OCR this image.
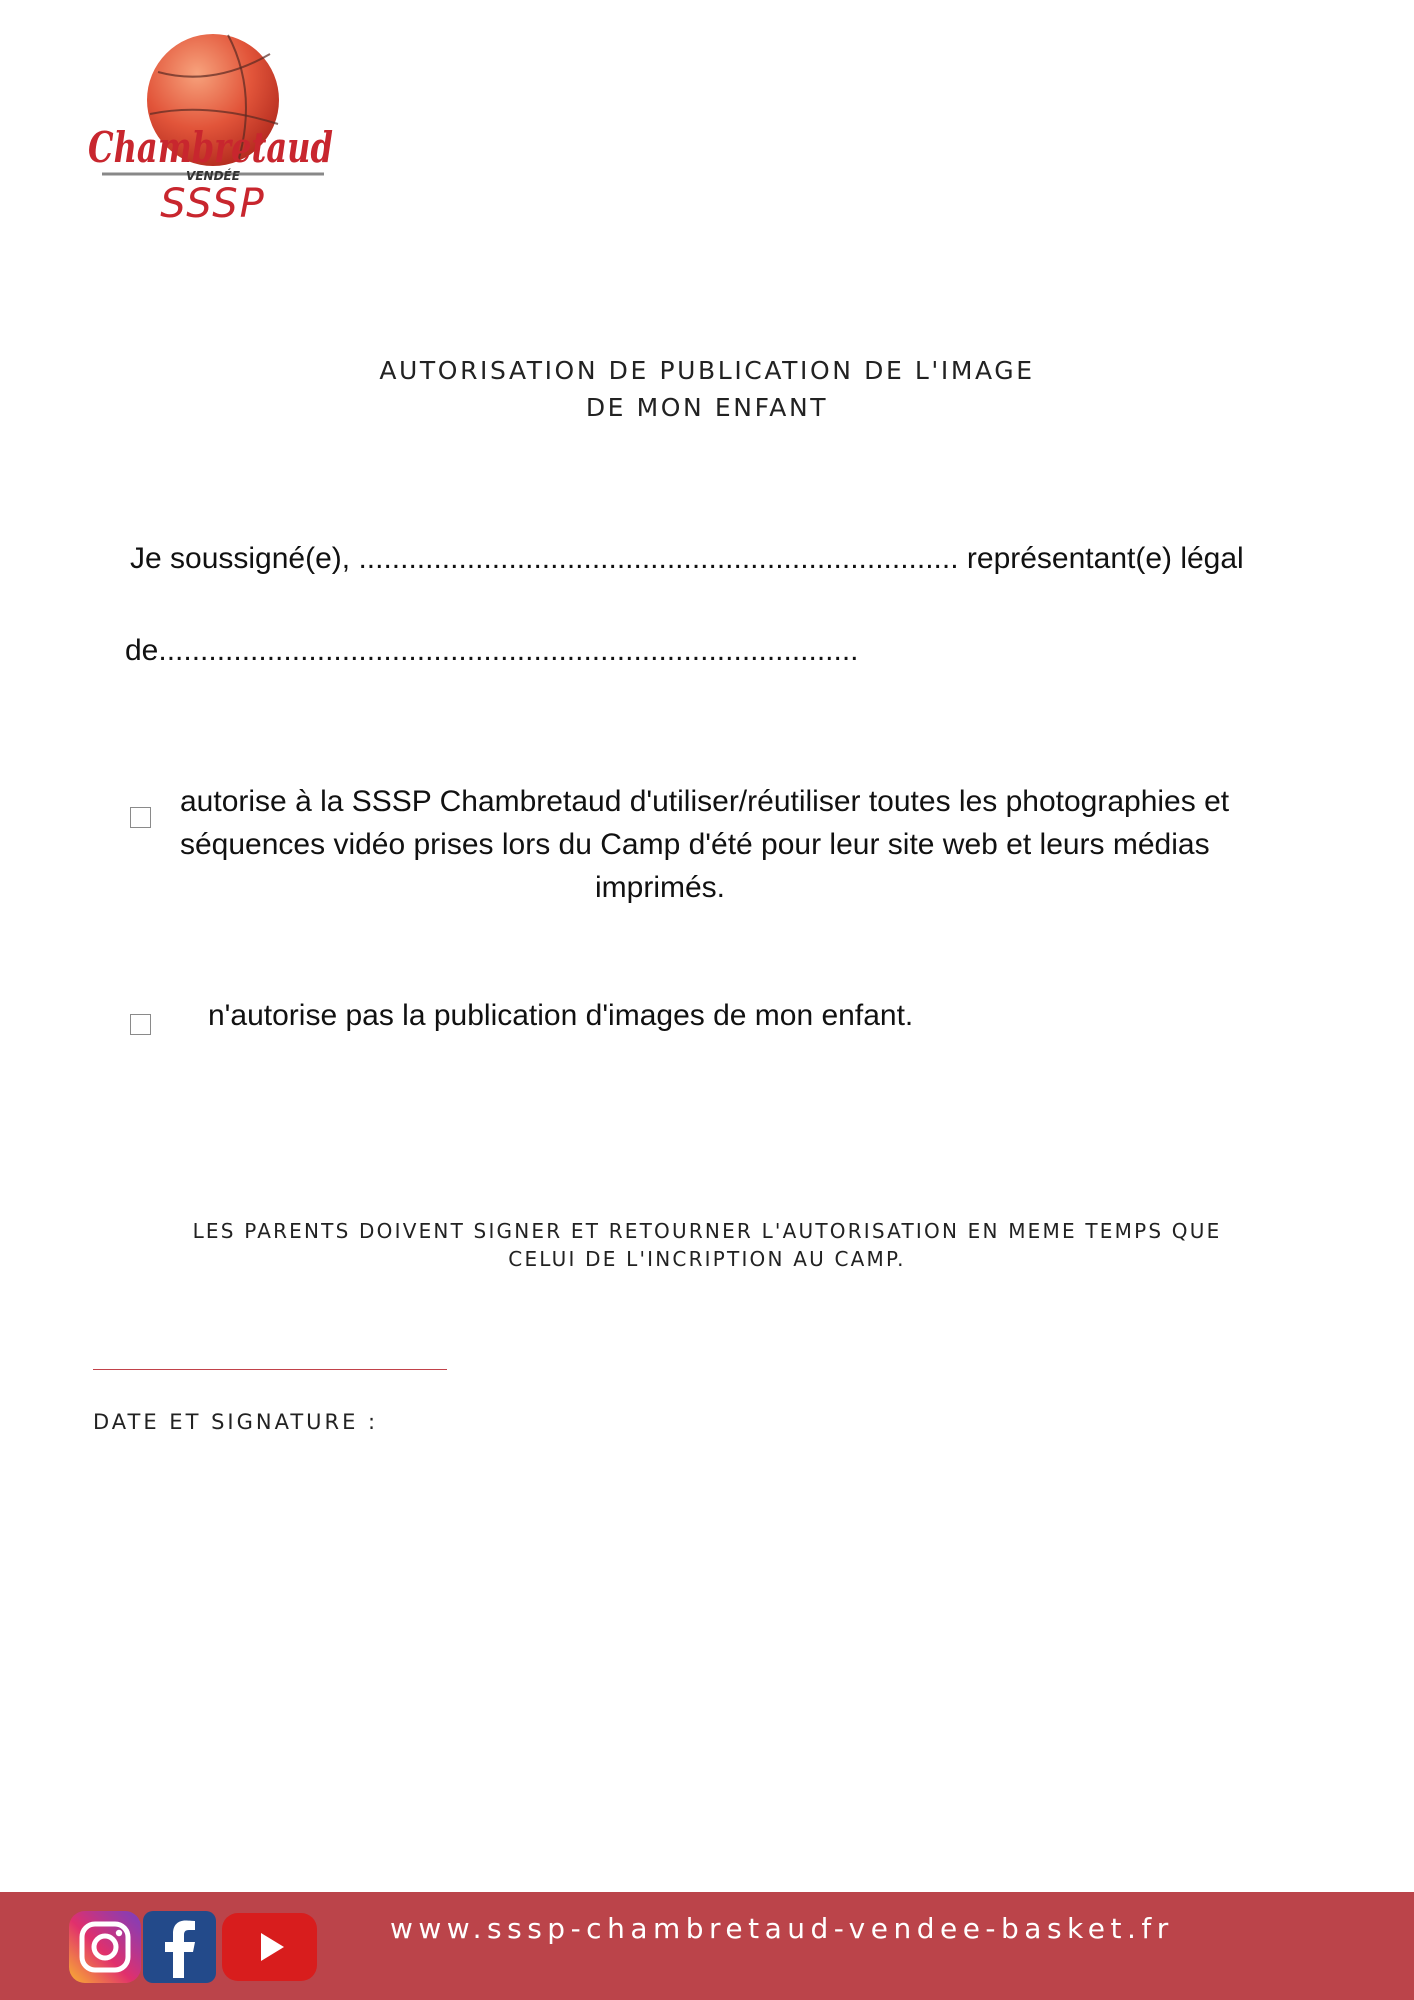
Chambretaud
VENDÉE
SSSP
AUTORISATION DE PUBLICATION DE L'IMAGE
DE MON ENFANT
Je soussigné(e), ........................................................................ représentant(e) légal
de....................................................................................
autorise à la SSSP Chambretaud d'utiliser/réutiliser toutes les photographies et
séquences vidéo prises lors du Camp d'été pour leur site web et leurs médias
imprimés.
n'autorise pas la publication d'images de mon enfant.
LES PARENTS DOIVENT SIGNER ET RETOURNER L'AUTORISATION EN MEME TEMPS QUE
CELUI DE L'INCRIPTION AU CAMP.
DATE ET SIGNATURE :
www.sssp-chambretaud-vendee-basket.fr
